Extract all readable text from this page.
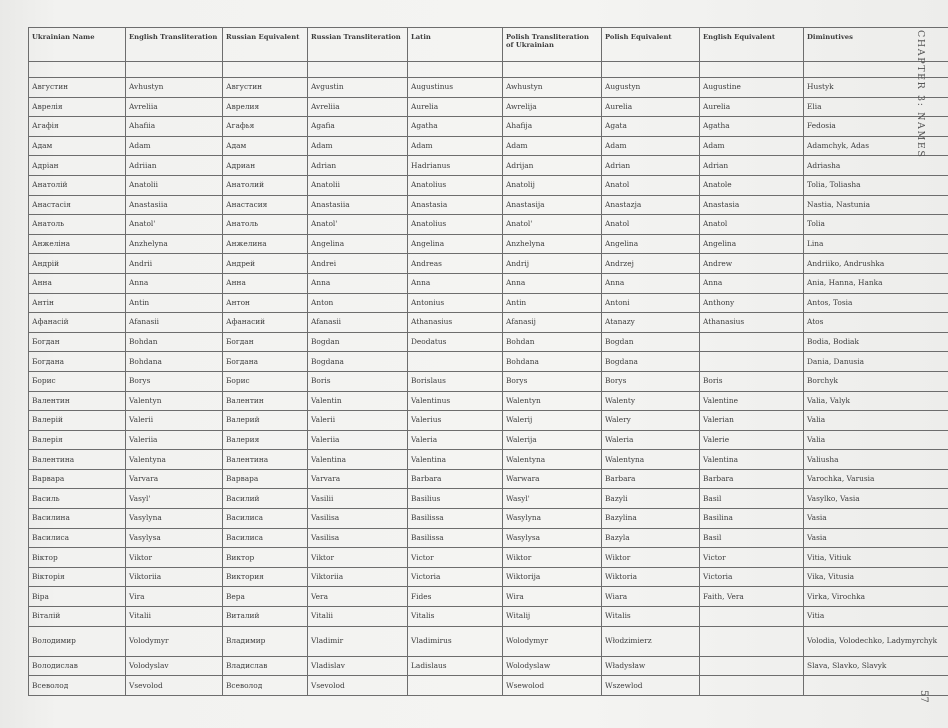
Ukrainian Name	English Transliteration	Russian Equivalent	Russian Transliteration	Latin	Polish Transliteration of Ukrainian	Polish Equivalent	English Equivalent	Diminutives

Августин	Avhustyn	Августин	Avgustin	Augustinus	Awhustyn	Augustyn	Augustine	Hustyk
Аврелія	Avreliia	Аврелия	Avreliia	Aurelia	Awrelija	Aurelia	Aurelia	Elia
Агафія	Ahafiia	Агафья	Agafia	Agatha	Ahafija	Agata	Agatha	Fedosia
Адам	Adam	Адам	Adam	Adam	Adam	Adam	Adam	Adamchyk, Adas
Адріан	Adriian	Адриан	Adrian	Hadrianus	Adrijan	Adrian	Adrian	Adriasha
Анатолій	Anatolii	Анатолий	Anatolii	Anatolius	Anatolij	Anatol	Anatole	Tolia, Toliasha
Анастасія	Anastasiia	Анастасия	Anastasiia	Anastasia	Anastasija	Anastazja	Anastasia	Nastia, Nastunia
Анатоль	Anatol'	Анатоль	Anatol'	Anatolius	Anatol'	Anatol	Anatol	Tolia
Анжеліна	Anzhelyna	Анжелина	Angelina	Angelina	Anzhelyna	Angelina	Angelina	Lina
Андрій	Andrii	Андрей	Andrei	Andreas	Andrij	Andrzej	Andrew	Andriiko, Andrushka
Анна	Anna	Анна	Anna	Anna	Anna	Anna	Anna	Ania, Hanna, Hanka
Антін	Antin	Антон	Anton	Antonius	Antin	Antoni	Anthony	Antos, Tosia
Афанасій	Afanasii	Афанасий	Afanasii	Athanasius	Afanasij	Atanazy	Athanasius	Atos
Богдан	Bohdan	Богдан	Bogdan	Deodatus	Bohdan	Bogdan		Bodia, Bodiak
Богдана	Bohdana	Богдана	Bogdana		Bohdana	Bogdana		Dania, Danusia
Борис	Borys	Борис	Boris	Borislaus	Borys	Borys	Boris	Borchyk
Валентин	Valentyn	Валентин	Valentin	Valentinus	Walentyn	Walenty	Valentine	Valia, Valyk
Валерій	Valerii	Валерий	Valerii	Valerius	Walerij	Walery	Valerian	Valia
Валерія	Valeriia	Валерия	Valeriia	Valeria	Walerija	Waleria	Valerie	Valia
Валентина	Valentyna	Валентина	Valentina	Valentina	Walentyna	Walentyna	Valentina	Valiusha
Варвара	Varvara	Варвара	Varvara	Barbara	Warwara	Barbara	Barbara	Varochka, Varusia
Василь	Vasyl'	Василий	Vasilii	Basilius	Wasyl'	Bazyli	Basil	Vasylko, Vasia
Василина	Vasylyna	Василиса	Vasilisa	Basilissa	Wasylyna	Bazylina	Basilina	Vasia
Василиса	Vasylysa	Василиса	Vasilisa	Basilissa	Wasylysa	Bazyla	Basil	Vasia
Віктор	Viktor	Виктор	Viktor	Victor	Wiktor	Wiktor	Victor	Vitia, Vitiuk
Вікторія	Viktoriia	Виктория	Viktoriia	Victoria	Wiktorija	Wiktoria	Victoria	Vika, Vitusia
Віра	Vira	Вера	Vera	Fides	Wira	Wiara	Faith, Vera	Virka, Virochka
Віталій	Vitalii	Виталий	Vitalii	Vitalis	Witalij	Witalis		Vitia
Володимир	Volodymyr	Владимир	Vladimir	Vladimirus	Wolodymyr	Włodzimierz		Volodia, Volodechko, Ladymyrchyk
Володислав	Volodyslav	Владислав	Vladislav	Ladislaus	Wolodyslaw	Władysław		Slava, Slavko, Slavyk
Всеволод	Vsevolod	Всеволод	Vsevolod		Wsewolod	Wszewlod		
CHAPTER 3: NAMES
57
